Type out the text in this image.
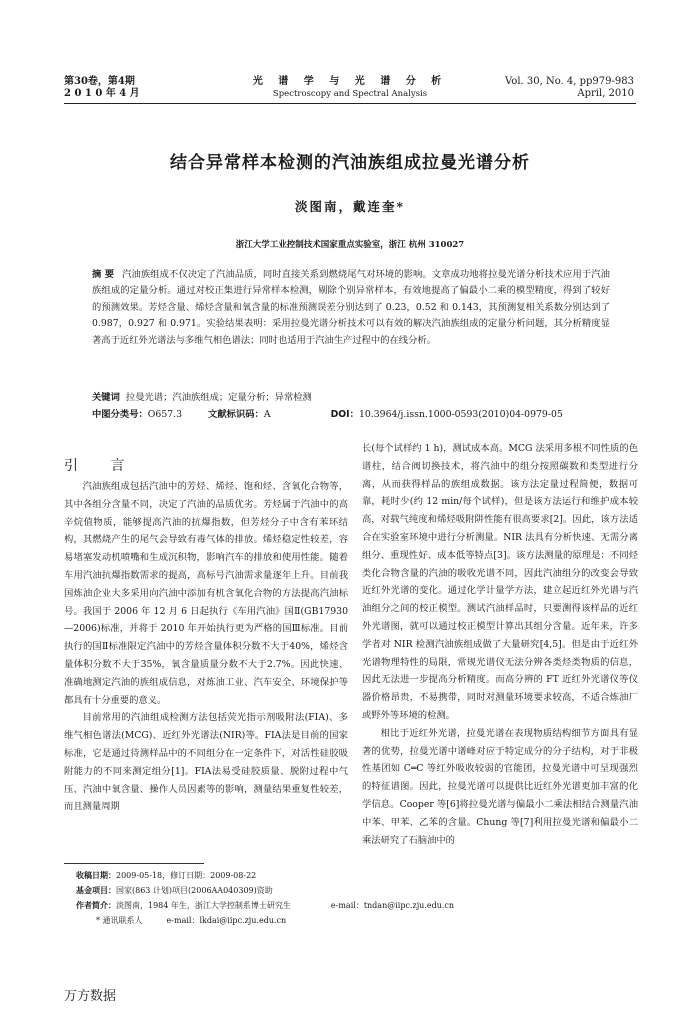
第30卷，第4期
2 0 1 0 年 4 月
光 谱 学 与 光 谱 分 析
Spectroscopy and Spectral Analysis
Vol. 30, No. 4, pp979-983
April, 2010
结合异常样本检测的汽油族组成拉曼光谱分析
淡图南，戴连奎*
浙江大学工业控制技术国家重点实验室，浙江 杭州 310027
摘 要 汽油族组成不仅决定了汽油品质，同时直接关系到燃烧尾气对环境的影响。文章成功地将拉曼光谱分析技术应用于汽油族组成的定量分析。通过对校正集进行异常样本检测，剔除个别异常样本，有效地提高了偏最小二乘的模型精度，得到了较好的预测效果。芳烃含量、烯烃含量和氧含量的标准预测误差分别达到了 0.23，0.52 和 0.143，其预测复相关系数分别达到了 0.987，0.927 和 0.971。实验结果表明：采用拉曼光谱分析技术可以有效的解决汽油族组成的定量分析问题，其分析精度显著高于近红外光谱法与多维气相色谱法；同时也适用于汽油生产过程中的在线分析。
关键词 拉曼光谱；汽油族组成；定量分析；异常检测
中图分类号：O657.3	文献标识码：A	DOI：10.3964/j.issn.1000-0593(2010)04-0979-05
引 言

汽油族组成包括汽油中的芳烃、烯烃、饱和烃、含氧化合物等，其中各组分含量不同，决定了汽油的品质优劣。芳烃属于汽油中的高辛烷值物质，能够提高汽油的抗爆指数，但芳烃分子中含有苯环结构，其燃烧产生的尾气会导致有毒气体的排放。烯烃稳定性较差，容易堵塞发动机喷嘴和生成沉积物，影响汽车的排放和使用性能。随着车用汽油抗爆指数需求的提高，高标号汽油需求量逐年上升。目前我国炼油企业大多采用向汽油中添加有机含氧化合物的方法提高汽油标号。我国于 2006 年 12 月 6 日起执行《车用汽油》国Ⅱ(GB17930—2006)标准，并将于 2010 年开始执行更为严格的国Ⅲ标准。目前执行的国Ⅱ标准限定汽油中的芳烃含量体积分数不大于40%，烯烃含量体积分数不大于35%，氧含量质量分数不大于2.7%。因此快速、准确地测定汽油的族组成信息，对炼油工业、汽车安全、环境保护等都具有十分重要的意义。

目前常用的汽油组成检测方法包括荧光指示剂吸附法(FIA)、多维气相色谱法(MCG)、近红外光谱法(NIR)等。FIA法是目前的国家标准，它是通过待测样品中的不同组分在一定条件下，对活性硅胶吸附能力的不同来测定组分[1]。FIA法易受硅胶质量、脱附过程中气压、汽油中氧含量、操作人员因素等的影响，测量结果重复性较差，而且测量周期

长(每个试样约 1 h)，测试成本高。MCG 法采用多根不同性质的色谱柱，结合阀切换技术，将汽油中的组分按照碳数和类型进行分离，从而获得样品的族组成数据。该方法定量过程简便，数据可靠，耗时少(约 12 min/每个试样)，但是该方法运行和维护成本较高，对载气纯度和烯烃吸附阱性能有很高要求[2]。因此，该方法适合在实验室环境中进行分析测量。NIR 法具有分析快速、无需分离组分、重现性好、成本低等特点[3]。该方法测量的原理是：不同烃类化合物含量的汽油的吸收光谱不同，因此汽油组分的改变会导致近红外光谱的变化。通过化学计量学方法，建立起近红外光谱与汽油组分之间的校正模型。测试汽油样品时，只要测得该样品的近红外光谱图，就可以通过校正模型计算出其组分含量。近年来，许多学者对 NIR 检测汽油族组成做了大量研究[4,5]。但是由于近红外光谱物理特性的局限，常规光谱仪无法分辨各类烃类物质的信息，因此无法进一步提高分析精度。而高分辨的 FT 近红外光谱仪等仪器价格昂贵，不易携带，同时对测量环境要求较高，不适合炼油厂或野外等环境的检测。

相比于近红外光谱，拉曼光谱在表现物质结构细节方面具有显著的优势，拉曼光谱中谱峰对应于特定成分的分子结构，对于非极性基团如 C═C 等红外吸收较弱的官能团，拉曼光谱中可呈现强烈的特征谱图。因此，拉曼光谱可以提供比近红外光谱更加丰富的化学信息。Cooper 等[6]将拉曼光谱与偏最小二乘法相结合测量汽油中苯、甲苯、乙苯的含量。Chung 等[7]利用拉曼光谱和偏最小二乘法研究了石脑油中的

收稿日期：2009-05-18，修订日期：2009-08-22
基金项目：国家(863 计划)项目(2006AA040309)资助
作者简介：淡图南，1984 年生，浙江大学控制系博士研究生	e-mail：tndan@iipc.zju.edu.cn
* 通讯联系人	e-mail：lkdai@iipc.zju.edu.cn
万方数据
